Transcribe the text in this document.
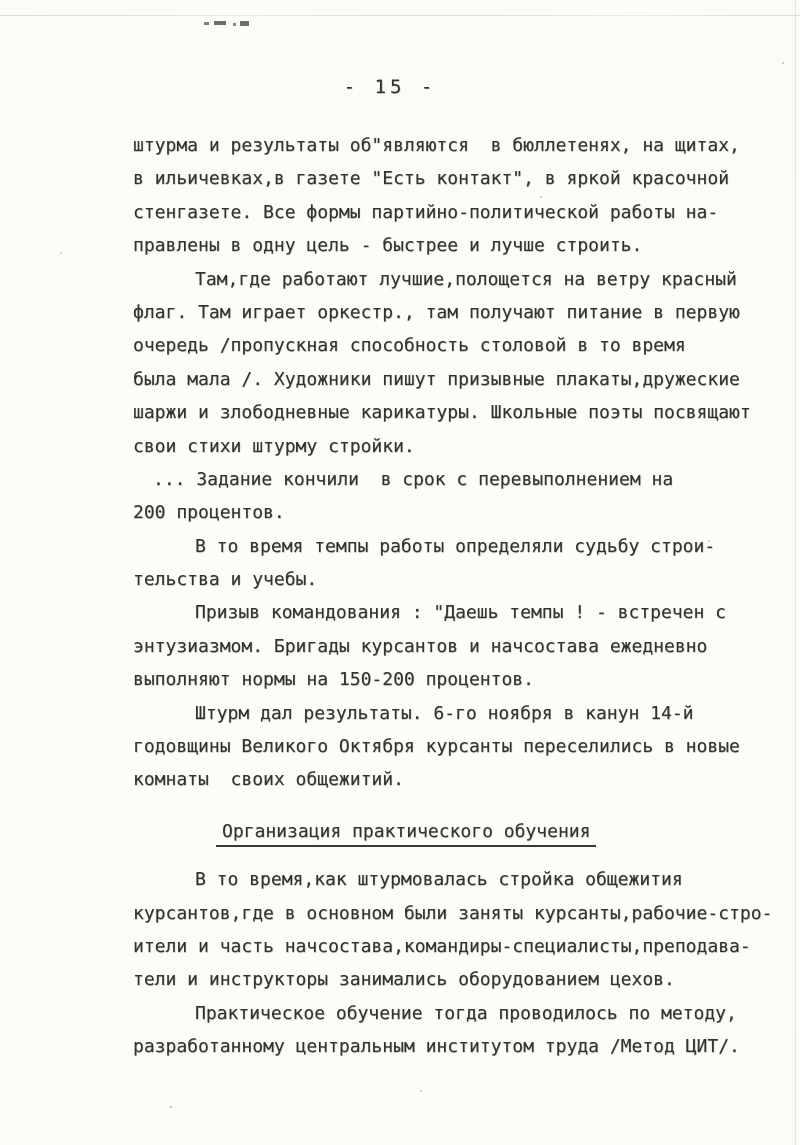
- 15 -
штурма и результаты об"являются  в бюллетенях, на щитах,
в ильичевках,в газете "Есть контакт", в яркой красочной
стенгазете. Все формы партийно-политической работы на-
правлены в одну цель - быстрее и лучше строить.
Там,где работают лучшие,полощется на ветру красный
флаг. Там играет оркестр., там получают питание в первую
очередь /пропускная способность столовой в то время
была мала /. Художники пишут призывные плакаты,дружеские
шаржи и злободневные карикатуры. Школьные поэты посвящают
свои стихи штурму стройки.
... Задание кончили  в срок с перевыполнением на
200 процентов.
В то время темпы работы определяли судьбу строи-
тельства и учебы.
Призыв командования : "Даешь темпы ! - встречен с
энтузиазмом. Бригады курсантов и начсостава ежедневно
выполняют нормы на 150-200 процентов.
Штурм дал результаты. 6-го ноября в канун 14-й
годовщины Великого Октября курсанты переселились в новые
комнаты  своих общежитий.
Организация практического обучения
В то время,как штурмовалась стройка общежития
курсантов,где в основном были заняты курсанты,рабочие-стро-
ители и часть начсостава,командиры-специалисты,преподава-
тели и инструкторы занимались оборудованием цехов.
Практическое обучение тогда проводилось по методу,
разработанному центральным институтом труда /Метод ЦИТ/.
